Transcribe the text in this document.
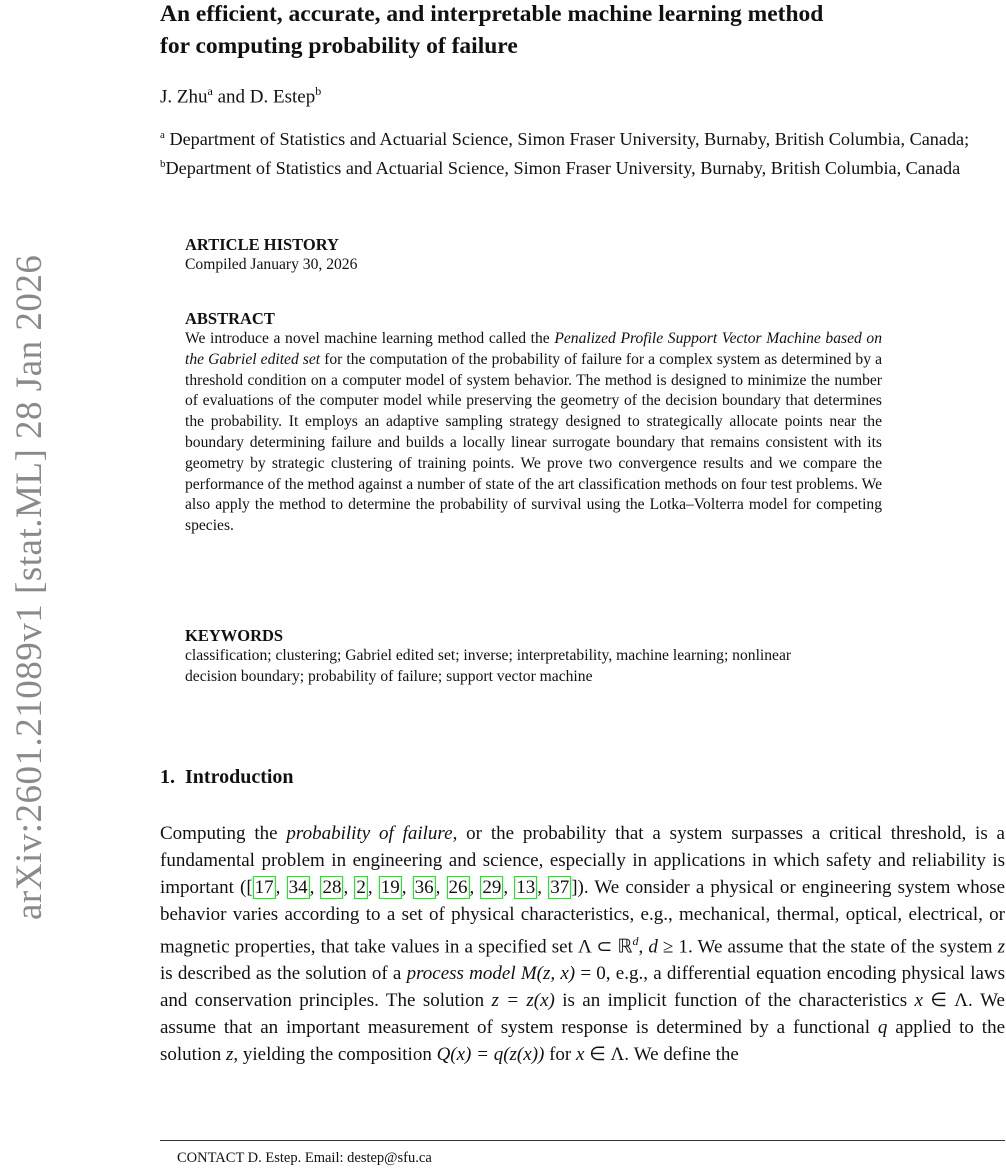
arXiv:2601.21089v1 [stat.ML] 28 Jan 2026
An efficient, accurate, and interpretable machine learning method
for computing probability of failure
J. Zhu$^a$ and D. Estep$^b$
$^a$ Department of Statistics and Actuarial Science, Simon Fraser University, Burnaby, British Columbia, Canada; $^b$Department of Statistics and Actuarial Science, Simon Fraser University, Burnaby, British Columbia, Canada
ARTICLE HISTORY

Compiled January 30, 2026

ABSTRACT

We introduce a novel machine learning method called the Penalized Profile Support Vector Machine based on the Gabriel edited set for the computation of the probability of failure for a complex system as determined by a threshold condition on a computer model of system behavior. The method is designed to minimize the number of evaluations of the computer model while preserving the geometry of the decision boundary that determines the probability. It employs an adaptive sampling strategy designed to strategically allocate points near the boundary determining failure and builds a locally linear surrogate boundary that remains consistent with its geometry by strategic clustering of training points. We prove two convergence results and we compare the performance of the method against a number of state of the art classification methods on four test problems. We also apply the method to determine the probability of survival using the Lotka–Volterra model for competing species.

KEYWORDS

classification; clustering; Gabriel edited set; inverse; interpretability, machine learning; nonlinear decision boundary; probability of failure; support vector machine

1. Introduction

Computing the probability of failure, or the probability that a system surpasses a critical threshold, is a fundamental problem in engineering and science, especially in applications in which safety and reliability is important ([ 17 , 34 , 28 , 2 , 19 , 36 , 26 , 29 , 13 , 37 ]). We consider a physical or engineering system whose behavior varies according to a set of physical characteristics, e.g., mechanical, thermal, optical, electrical, or magnetic properties, that take values in a specified set Λ ⊂ ℝ$^d$, d ≥ 1. We assume that the state of the system z is described as the solution of a process model M(z, x) = 0, e.g., a differential equation encoding physical laws and conservation principles. The solution z = z(x) is an implicit function of the characteristics x ∈ Λ. We assume that an important measurement of system response is determined by a functional q applied to the solution z, yielding the composition Q(x) = q(z(x)) for x ∈ Λ. We define the

CONTACT D. Estep. Email: destep@sfu.ca
